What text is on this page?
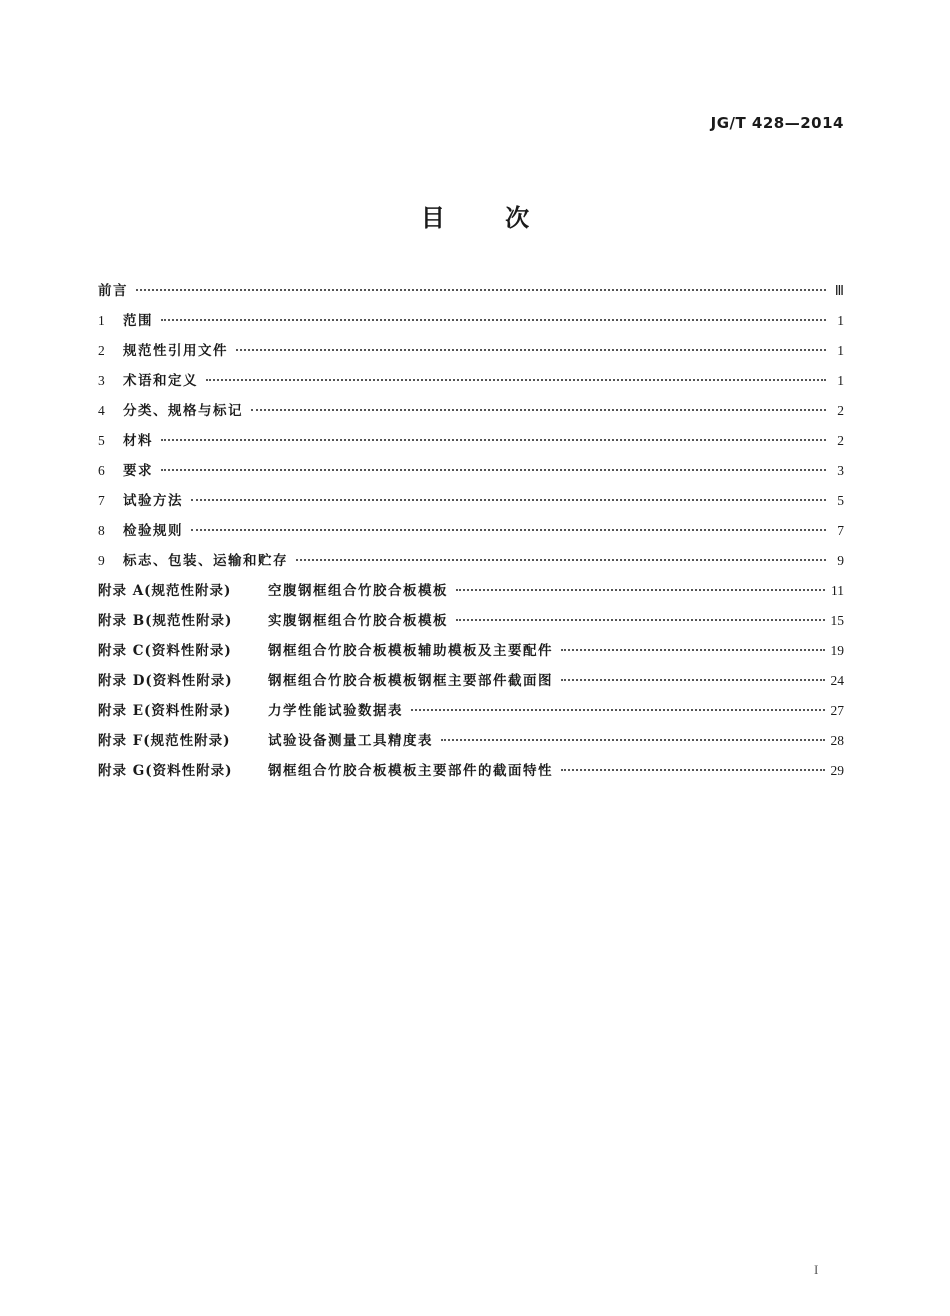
JG/T 428—2014
目	次
前言	Ⅲ
1	范围	1
2	规范性引用文件	1
3	术语和定义	1
4	分类、规格与标记	2
5	材料	2
6	要求	3
7	试验方法	5
8	检验规则	7
9	标志、包装、运输和贮存	9
附录 A(规范性附录)	空腹钢框组合竹胶合板模板	11
附录 B(规范性附录)	实腹钢框组合竹胶合板模板	15
附录 C(资料性附录)	钢框组合竹胶合板模板辅助模板及主要配件	19
附录 D(资料性附录)	钢框组合竹胶合板模板钢框主要部件截面图	24
附录 E(资料性附录)	力学性能试验数据表	27
附录 F(规范性附录)	试验设备测量工具精度表	28
附录 G(资料性附录)	钢框组合竹胶合板模板主要部件的截面特性	29
I
